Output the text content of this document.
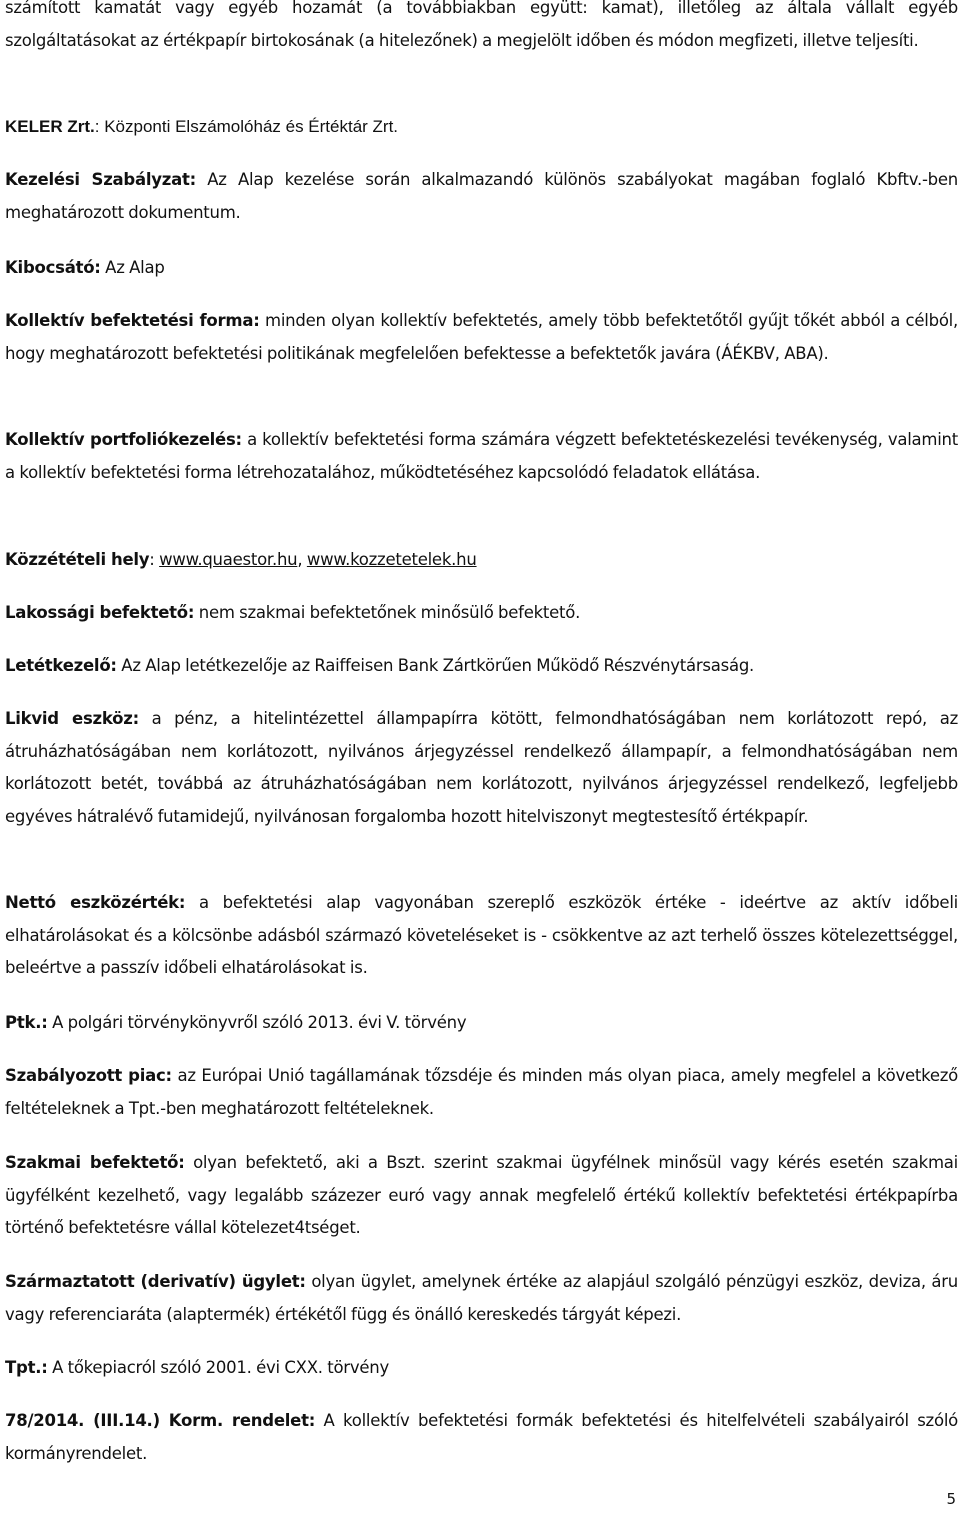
számított kamatát vagy egyéb hozamát (a továbbiakban együtt: kamat), illetőleg az általa vállalt egyéb szolgáltatásokat az értékpapír birtokosának (a hitelezőnek) a megjelölt időben és módon megfizeti, illetve teljesíti.

KELER Zrt.: Központi Elszámolóház és Értéktár Zrt.

Kezelési Szabályzat: Az Alap kezelése során alkalmazandó különös szabályokat magában foglaló Kbftv.-ben meghatározott dokumentum.

Kibocsátó: Az Alap

Kollektív befektetési forma: minden olyan kollektív befektetés, amely több befektetőtől gyűjt tőkét abból a célból, hogy meghatározott befektetési politikának megfelelően befektesse a befektetők javára (ÁÉKBV, ABA).

Kollektív portfoliókezelés: a kollektív befektetési forma számára végzett befektetéskezelési tevékenység, valamint a kollektív befektetési forma létrehozatalához, működtetéséhez kapcsolódó feladatok ellátása.

Közzétételi hely: www.quaestor.hu, www.kozzetetelek.hu

Lakossági befektető: nem szakmai befektetőnek minősülő befektető.

Letétkezelő: Az Alap letétkezelője az Raiffeisen Bank Zártkörűen Működő Részvénytársaság.

Likvid eszköz: a pénz, a hitelintézettel állampapírra kötött, felmondhatóságában nem korlátozott repó, az átruházhatóságában nem korlátozott, nyilvános árjegyzéssel rendelkező állampapír, a felmondhatóságában nem korlátozott betét, továbbá az átruházhatóságában nem korlátozott, nyilvános árjegyzéssel rendelkező, legfeljebb egyéves hátralévő futamidejű, nyilvánosan forgalomba hozott hitelviszonyt megtestesítő értékpapír.

Nettó eszközérték: a befektetési alap vagyonában szereplő eszközök értéke - ideértve az aktív időbeli elhatárolásokat és a kölcsönbe adásból származó követeléseket is - csökkentve az azt terhelő összes kötelezettséggel, beleértve a passzív időbeli elhatárolásokat is.

Ptk.: A polgári törvénykönyvről szóló 2013. évi V. törvény

Szabályozott piac: az Európai Unió tagállamának tőzsdéje és minden más olyan piaca, amely megfelel a következő feltételeknek a Tpt.-ben meghatározott feltételeknek.

Szakmai befektető: olyan befektető, aki a Bszt. szerint szakmai ügyfélnek minősül vagy kérés esetén szakmai ügyfélként kezelhető, vagy legalább százezer euró vagy annak megfelelő értékű kollektív befektetési értékpapírba történő befektetésre vállal kötelezet4tséget.

Származtatott (derivatív) ügylet: olyan ügylet, amelynek értéke az alapjául szolgáló pénzügyi eszköz, deviza, áru vagy referenciaráta (alaptermék) értékétől függ és önálló kereskedés tárgyát képezi.

Tpt.: A tőkepiacról szóló 2001. évi CXX. törvény

78/2014. (III.14.) Korm. rendelet: A kollektív befektetési formák befektetési és hitelfelvételi szabályairól szóló kormányrendelet.

5
